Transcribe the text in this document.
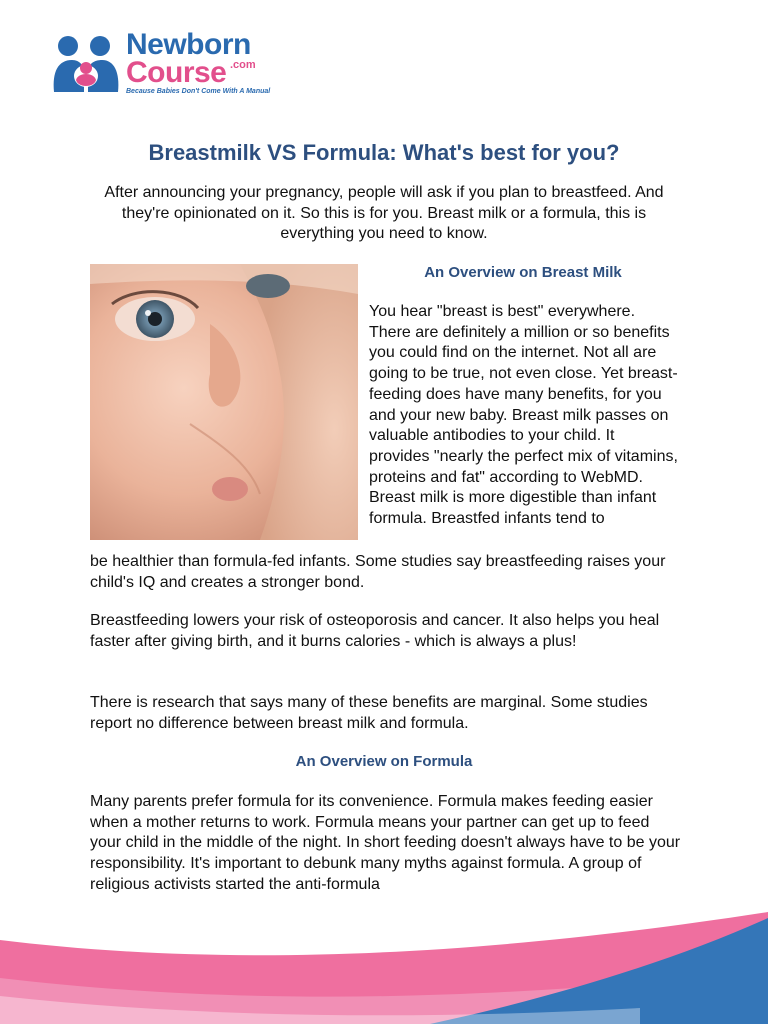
Newborn
Course .com
Because Babies Don't Come With A Manual
Breastmilk VS Formula: What's best for you?

After announcing your pregnancy, people will ask if you plan to breastfeed. And they're opinionated on it. So this is for you. Breast milk or a formula, this is everything you need to know.

An Overview on Breast Milk

You hear "breast is best" everywhere. There are definitely a million or so benefits you could find on the internet. Not all are going to be true, not even close. Yet breast-feeding does have many benefits, for you and your new baby. Breast milk passes on valuable antibodies to your child. It provides "nearly the perfect mix of vitamins, proteins and fat" according to WebMD. Breast milk is more digestible than infant formula. Breastfed infants tend to

be healthier than formula-fed infants. Some studies say breastfeeding raises your child's IQ and creates a stronger bond.

Breastfeeding lowers your risk of osteoporosis and cancer. It also helps you heal faster after giving birth, and it burns calories - which is always a plus!

There is research that says many of these benefits are marginal. Some studies report no difference between breast milk and formula.

An Overview on Formula

Many parents prefer formula for its convenience. Formula makes feeding easier when a mother returns to work. Formula means your partner can get up to feed your child in the middle of the night. In short feeding doesn't always have to be your responsibility. It's important to debunk many myths against formula. A group of religious activists started the anti-formula
